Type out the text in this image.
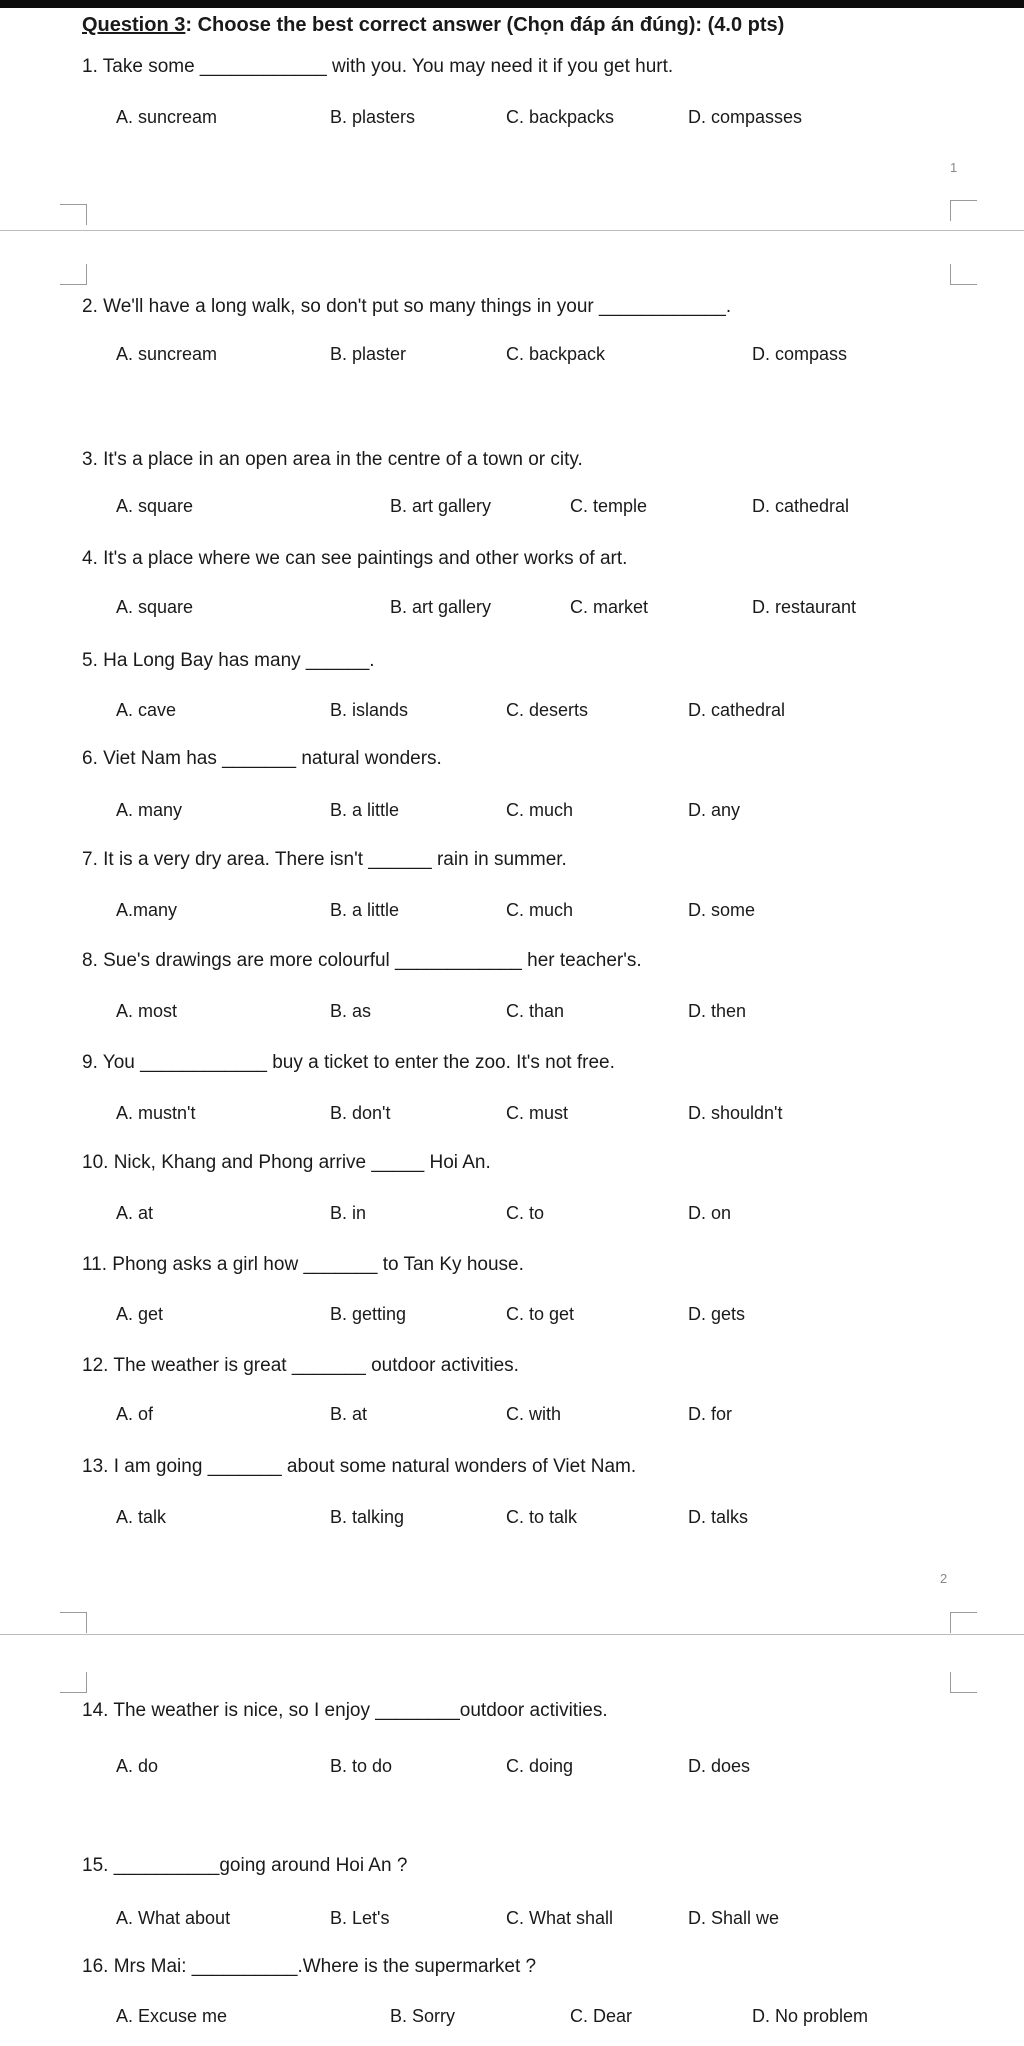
Question 3: Choose the best correct answer (Chọn đáp án đúng): (4.0 pts)
1
2
1. Take some ____________ with you. You may need it if you get hurt.
A. suncream	B. plasters	C. backpacks	D. compasses
2. We'll have a long walk, so don't put so many things in your ____________.
A. suncream	B. plaster	C. backpack	D. compass
3. It's a place in an open area in the centre of a town or city.
A. square	B. art gallery	C. temple	D. cathedral
4. It's a place where we can see paintings and other works of art.
A. square	B. art gallery	C. market	D. restaurant
5. Ha Long Bay has many ______.
A. cave	B. islands	C. deserts	D. cathedral
6. Viet Nam has _______ natural wonders.
A. many	B. a little	C. much	D. any
7. It is a very dry area. There isn't ______ rain in summer.
A.many	B. a little	C. much	D. some
8. Sue's drawings are more colourful ____________ her teacher's.
A. most	B. as	C. than	D. then
9. You ____________ buy a ticket to enter the zoo. It's not free.
A. mustn't	B. don't	C. must	D. shouldn't
10. Nick, Khang and Phong arrive _____ Hoi An.
A. at	B. in	C. to	D. on
11. Phong asks a girl how _______ to Tan Ky house.
A. get	B. getting	C. to get	D. gets
12. The weather is great _______ outdoor activities.
A. of	B. at	C. with	D. for
13. I am going _______ about some natural wonders of Viet Nam.
A. talk	B. talking	C. to talk	D. talks
14. The weather is nice, so I enjoy ________outdoor activities.
A. do	B. to do	C. doing	D. does
15. __________going around Hoi An ?
A. What about	B. Let's	C. What shall	D. Shall we
16. Mrs Mai: __________.Where is the supermarket ?
A. Excuse me	B. Sorry	C. Dear	D. No problem
